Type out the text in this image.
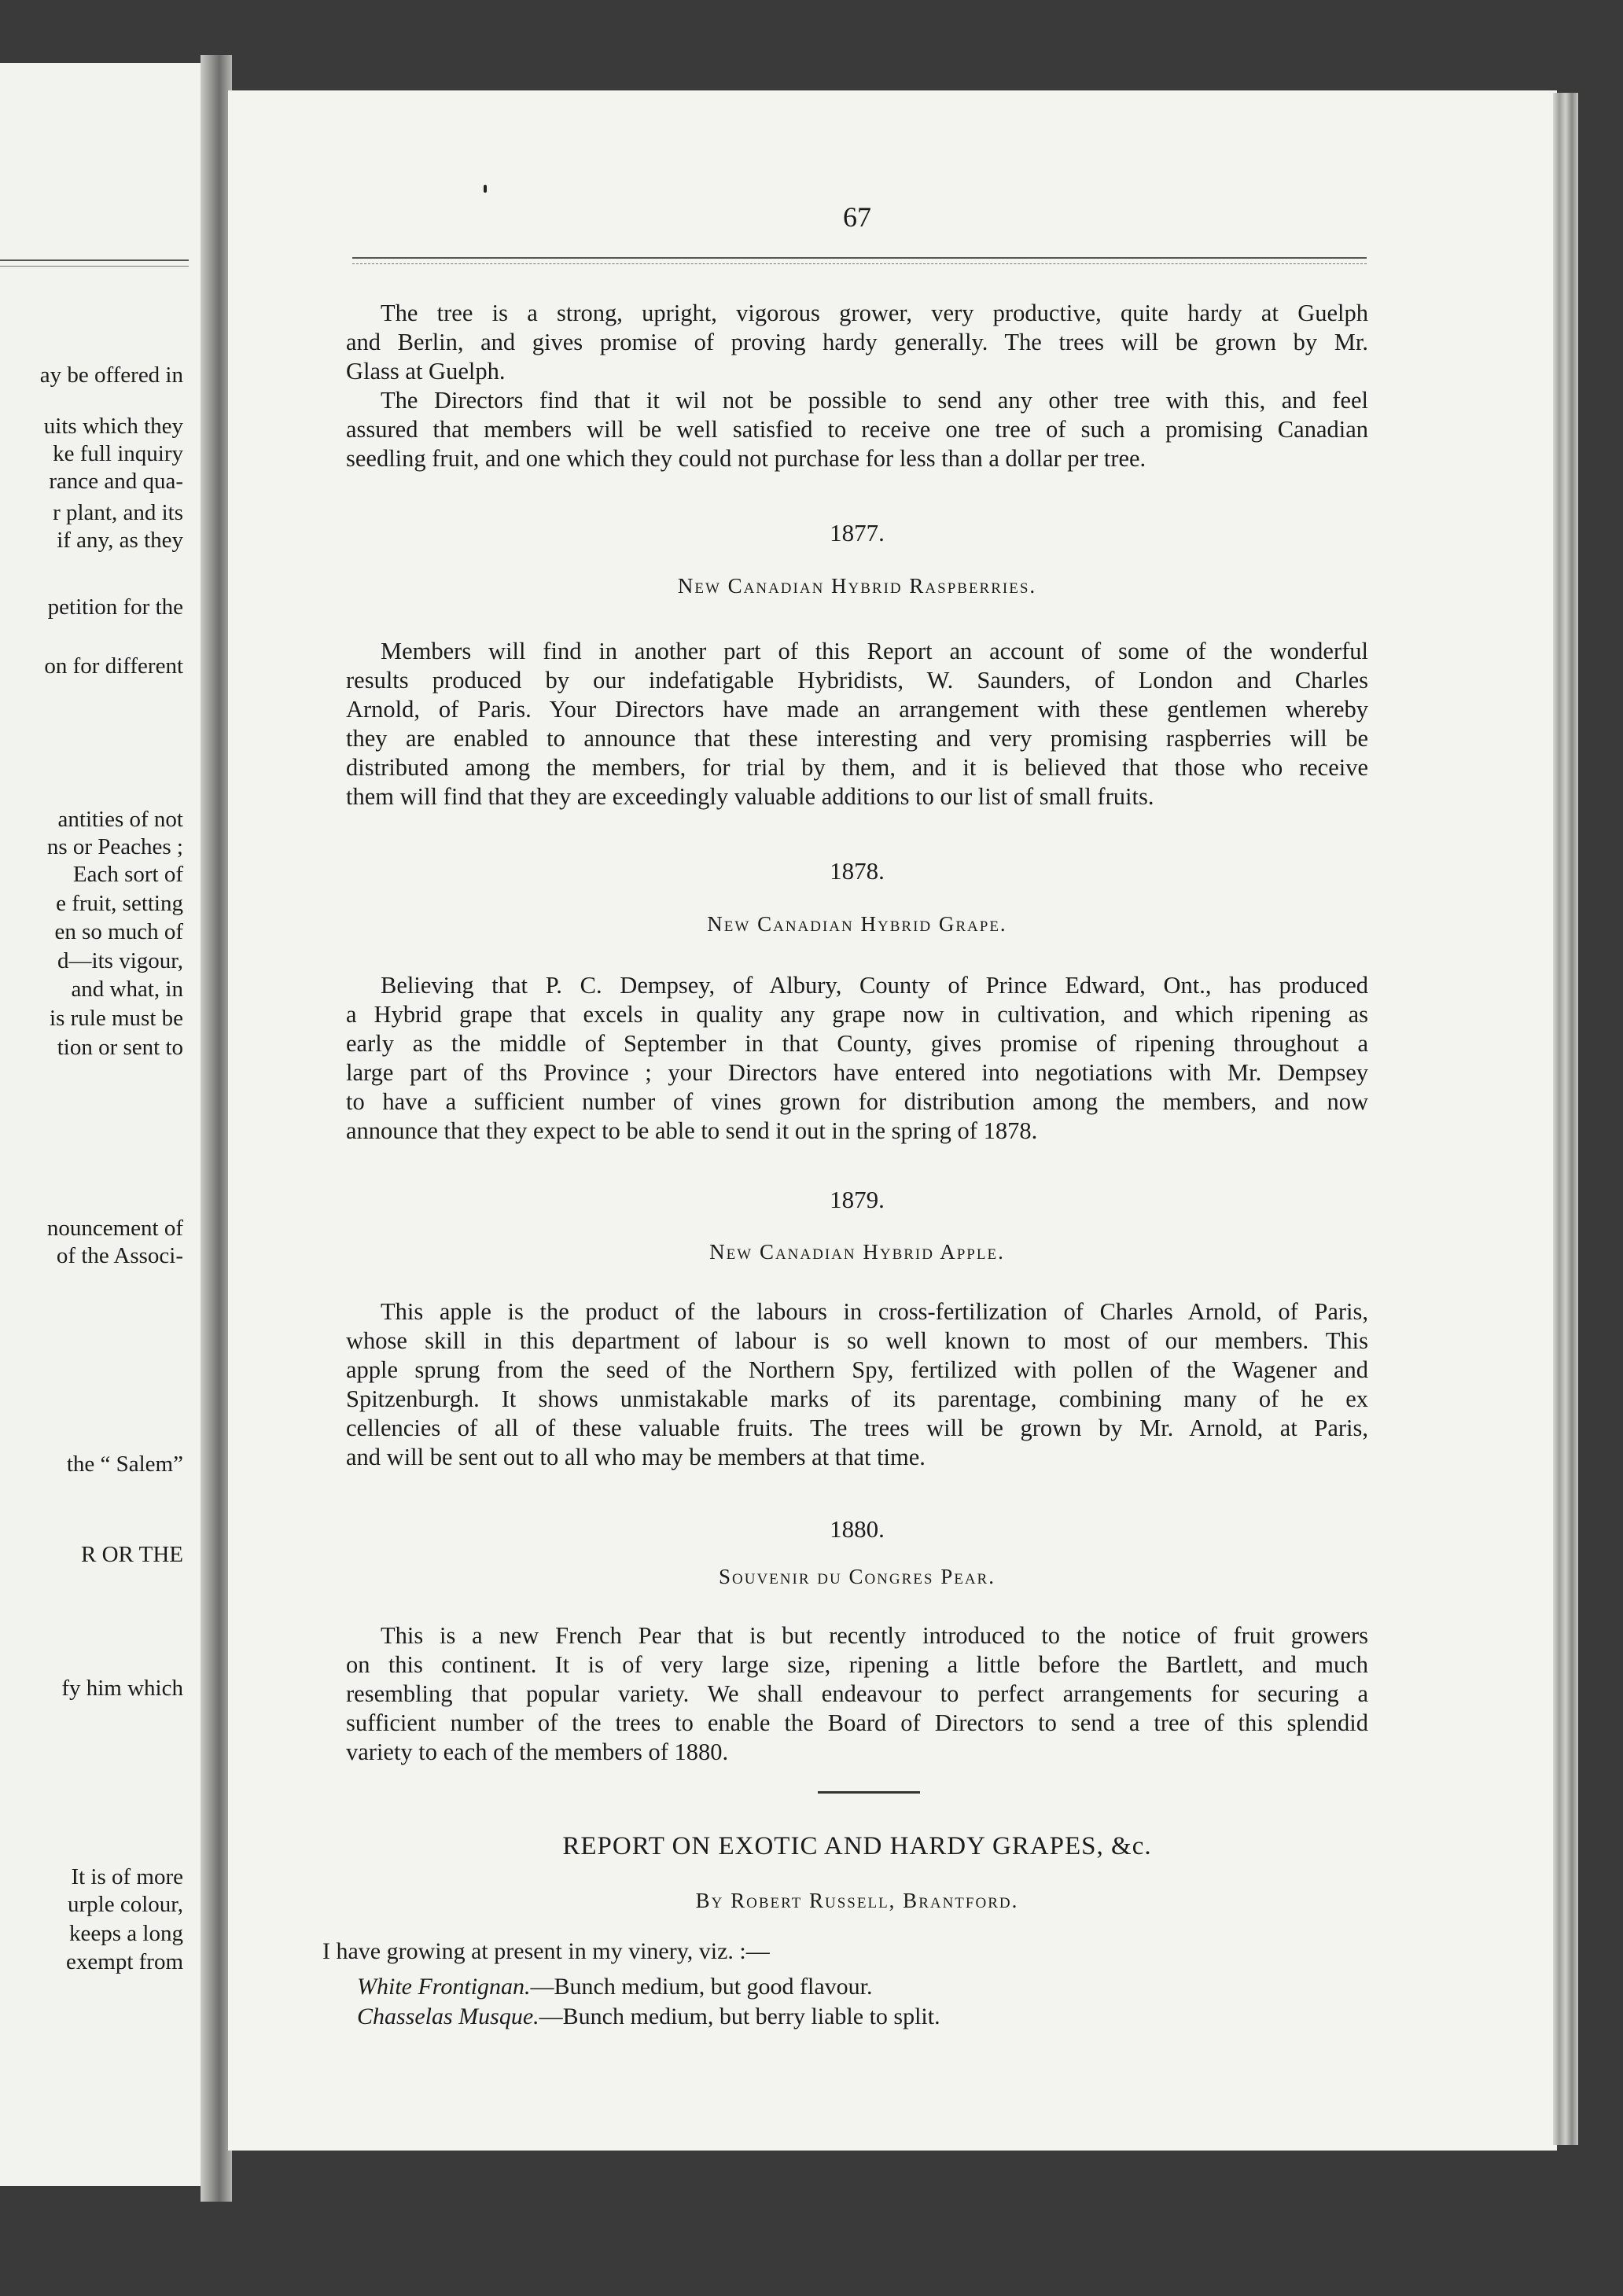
ay be offered in
uits which they
ke full inquiry
rance and qua-
r plant, and its
if any, as they
petition for the
on for different
antities of not
ns or Peaches ;
Each sort of
e fruit, setting
en so much of
d—its vigour,
and what, in
is rule must be
tion or sent to
nouncement of
of the Associ-
the “ Salem”
R OR THE
fy him which
It is of more
urple colour,
keeps a long
exempt from
67
The tree is a strong, upright, vigorous grower, very productive, quite hardy at Guelph
and Berlin, and gives promise of proving hardy generally. The trees will be grown by Mr.
Glass at Guelph.
The Directors find that it wil not be possible to send any other tree with this, and feel
assured that members will be well satisfied to receive one tree of such a promising Canadian
seedling fruit, and one which they could not purchase for less than a dollar per tree.
1877.
New Canadian Hybrid Raspberries.
Members will find in another part of this Report an account of some of the wonderful
results produced by our indefatigable Hybridists, W. Saunders, of London and Charles
Arnold, of Paris. Your Directors have made an arrangement with these gentlemen whereby
they are enabled to announce that these interesting and very promising raspberries will be
distributed among the members, for trial by them, and it is believed that those who receive
them will find that they are exceedingly valuable additions to our list of small fruits.
1878.
New Canadian Hybrid Grape.
Believing that P. C. Dempsey, of Albury, County of Prince Edward, Ont., has produced
a Hybrid grape that excels in quality any grape now in cultivation, and which ripening as
early as the middle of September in that County, gives promise of ripening throughout a
large part of ths Province ; your Directors have entered into negotiations with Mr. Dempsey
to have a sufficient number of vines grown for distribution among the members, and now
announce that they expect to be able to send it out in the spring of 1878.
1879.
New Canadian Hybrid Apple.
This apple is the product of the labours in cross-fertilization of Charles Arnold, of Paris,
whose skill in this department of labour is so well known to most of our members. This
apple sprung from the seed of the Northern Spy, fertilized with pollen of the Wagener and
Spitzenburgh. It shows unmistakable marks of its parentage, combining many of he ex
cellencies of all of these valuable fruits. The trees will be grown by Mr. Arnold, at Paris,
and will be sent out to all who may be members at that time.
1880.
Souvenir du Congres Pear.
This is a new French Pear that is but recently introduced to the notice of fruit growers
on this continent. It is of very large size, ripening a little before the Bartlett, and much
resembling that popular variety. We shall endeavour to perfect arrangements for securing a
sufficient number of the trees to enable the Board of Directors to send a tree of this splendid
variety to each of the members of 1880.
REPORT ON EXOTIC AND HARDY GRAPES, &c.
By Robert Russell, Brantford.
I have growing at present in my vinery, viz. :—
White Frontignan.—Bunch medium, but good flavour.
Chasselas Musque.—Bunch medium, but berry liable to split.
